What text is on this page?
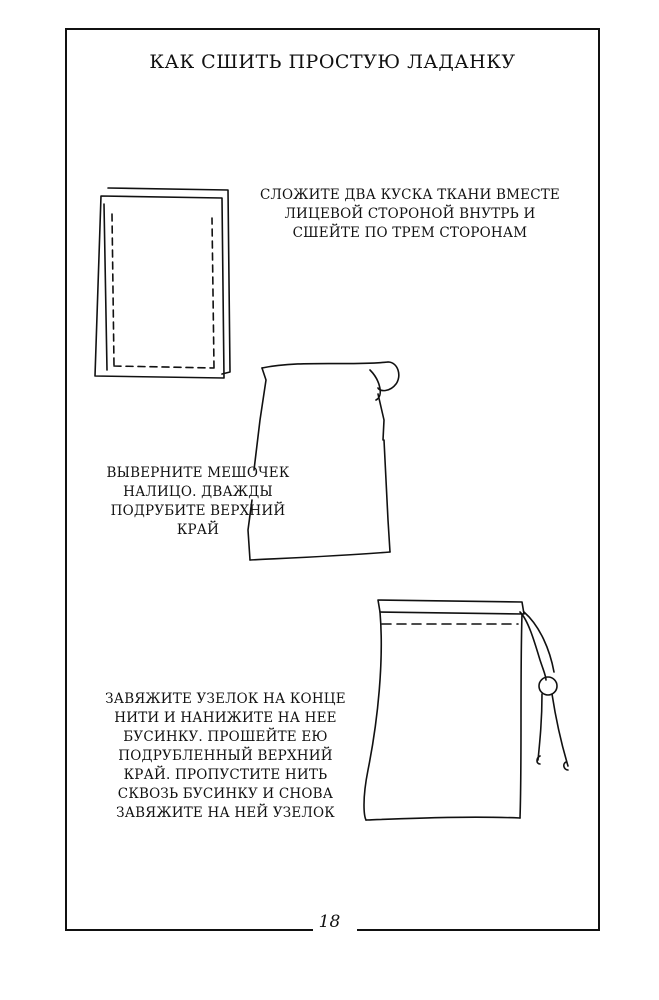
18
КАК СШИТЬ ПРОСТУЮ ЛАДАНКУ
СЛОЖИТЕ ДВА КУСКА ТКАНИ ВМЕСТЕ
ЛИЦЕВОЙ СТОРОНОЙ ВНУТРЬ И
СШЕЙТЕ ПО ТРЕМ СТОРОНАМ
ВЫВЕРНИТЕ МЕШОЧЕК
НАЛИЦО. ДВАЖДЫ
ПОДРУБИТЕ ВЕРХНИЙ
КРАЙ
ЗАВЯЖИТЕ УЗЕЛОК НА КОНЦЕ
НИТИ И НАНИЖИТЕ НА НЕЕ
БУСИНКУ. ПРОШЕЙТЕ ЕЮ
ПОДРУБЛЕННЫЙ ВЕРХНИЙ
КРАЙ. ПРОПУСТИТЕ НИТЬ
СКВОЗЬ БУСИНКУ И СНОВА
ЗАВЯЖИТЕ НА НЕЙ УЗЕЛОК
